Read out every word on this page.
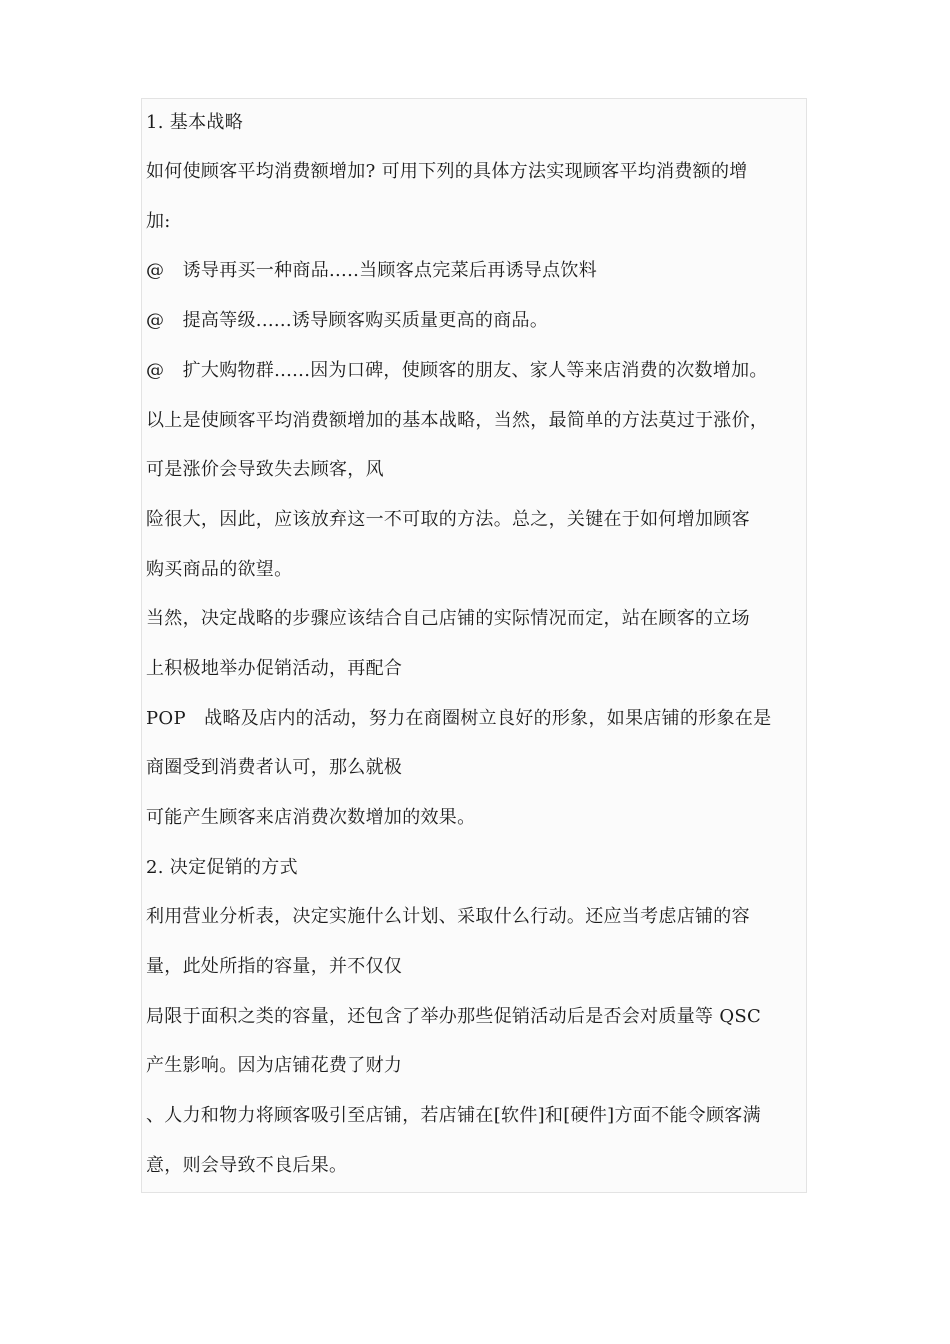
1. 基本战略
如何使顾客平均消费额增加? 可用下列的具体方法实现顾客平均消费额的增
加:
@　诱导再买一种商品.....当顾客点完菜后再诱导点饮料
@　提高等级......诱导顾客购买质量更高的商品。
@　扩大购物群......因为口碑，使顾客的朋友、家人等来店消费的次数增加。
以上是使顾客平均消费额增加的基本战略，当然，最简单的方法莫过于涨价，
可是涨价会导致失去顾客，风
险很大，因此，应该放弃这一不可取的方法。总之，关键在于如何增加顾客
购买商品的欲望。
当然，决定战略的步骤应该结合自己店铺的实际情况而定，站在顾客的立场
上积极地举办促销活动，再配合
POP　战略及店内的活动，努力在商圈树立良好的形象，如果店铺的形象在是
商圈受到消费者认可，那么就极
可能产生顾客来店消费次数增加的效果。
2. 决定促销的方式
利用营业分析表，决定实施什么计划、采取什么行动。还应当考虑店铺的容
量，此处所指的容量，并不仅仅
局限于面积之类的容量，还包含了举办那些促销活动后是否会对质量等 QSC
产生影响。因为店铺花费了财力
、人力和物力将顾客吸引至店铺，若店铺在[软件]和[硬件]方面不能令顾客满
意，则会导致不良后果。
